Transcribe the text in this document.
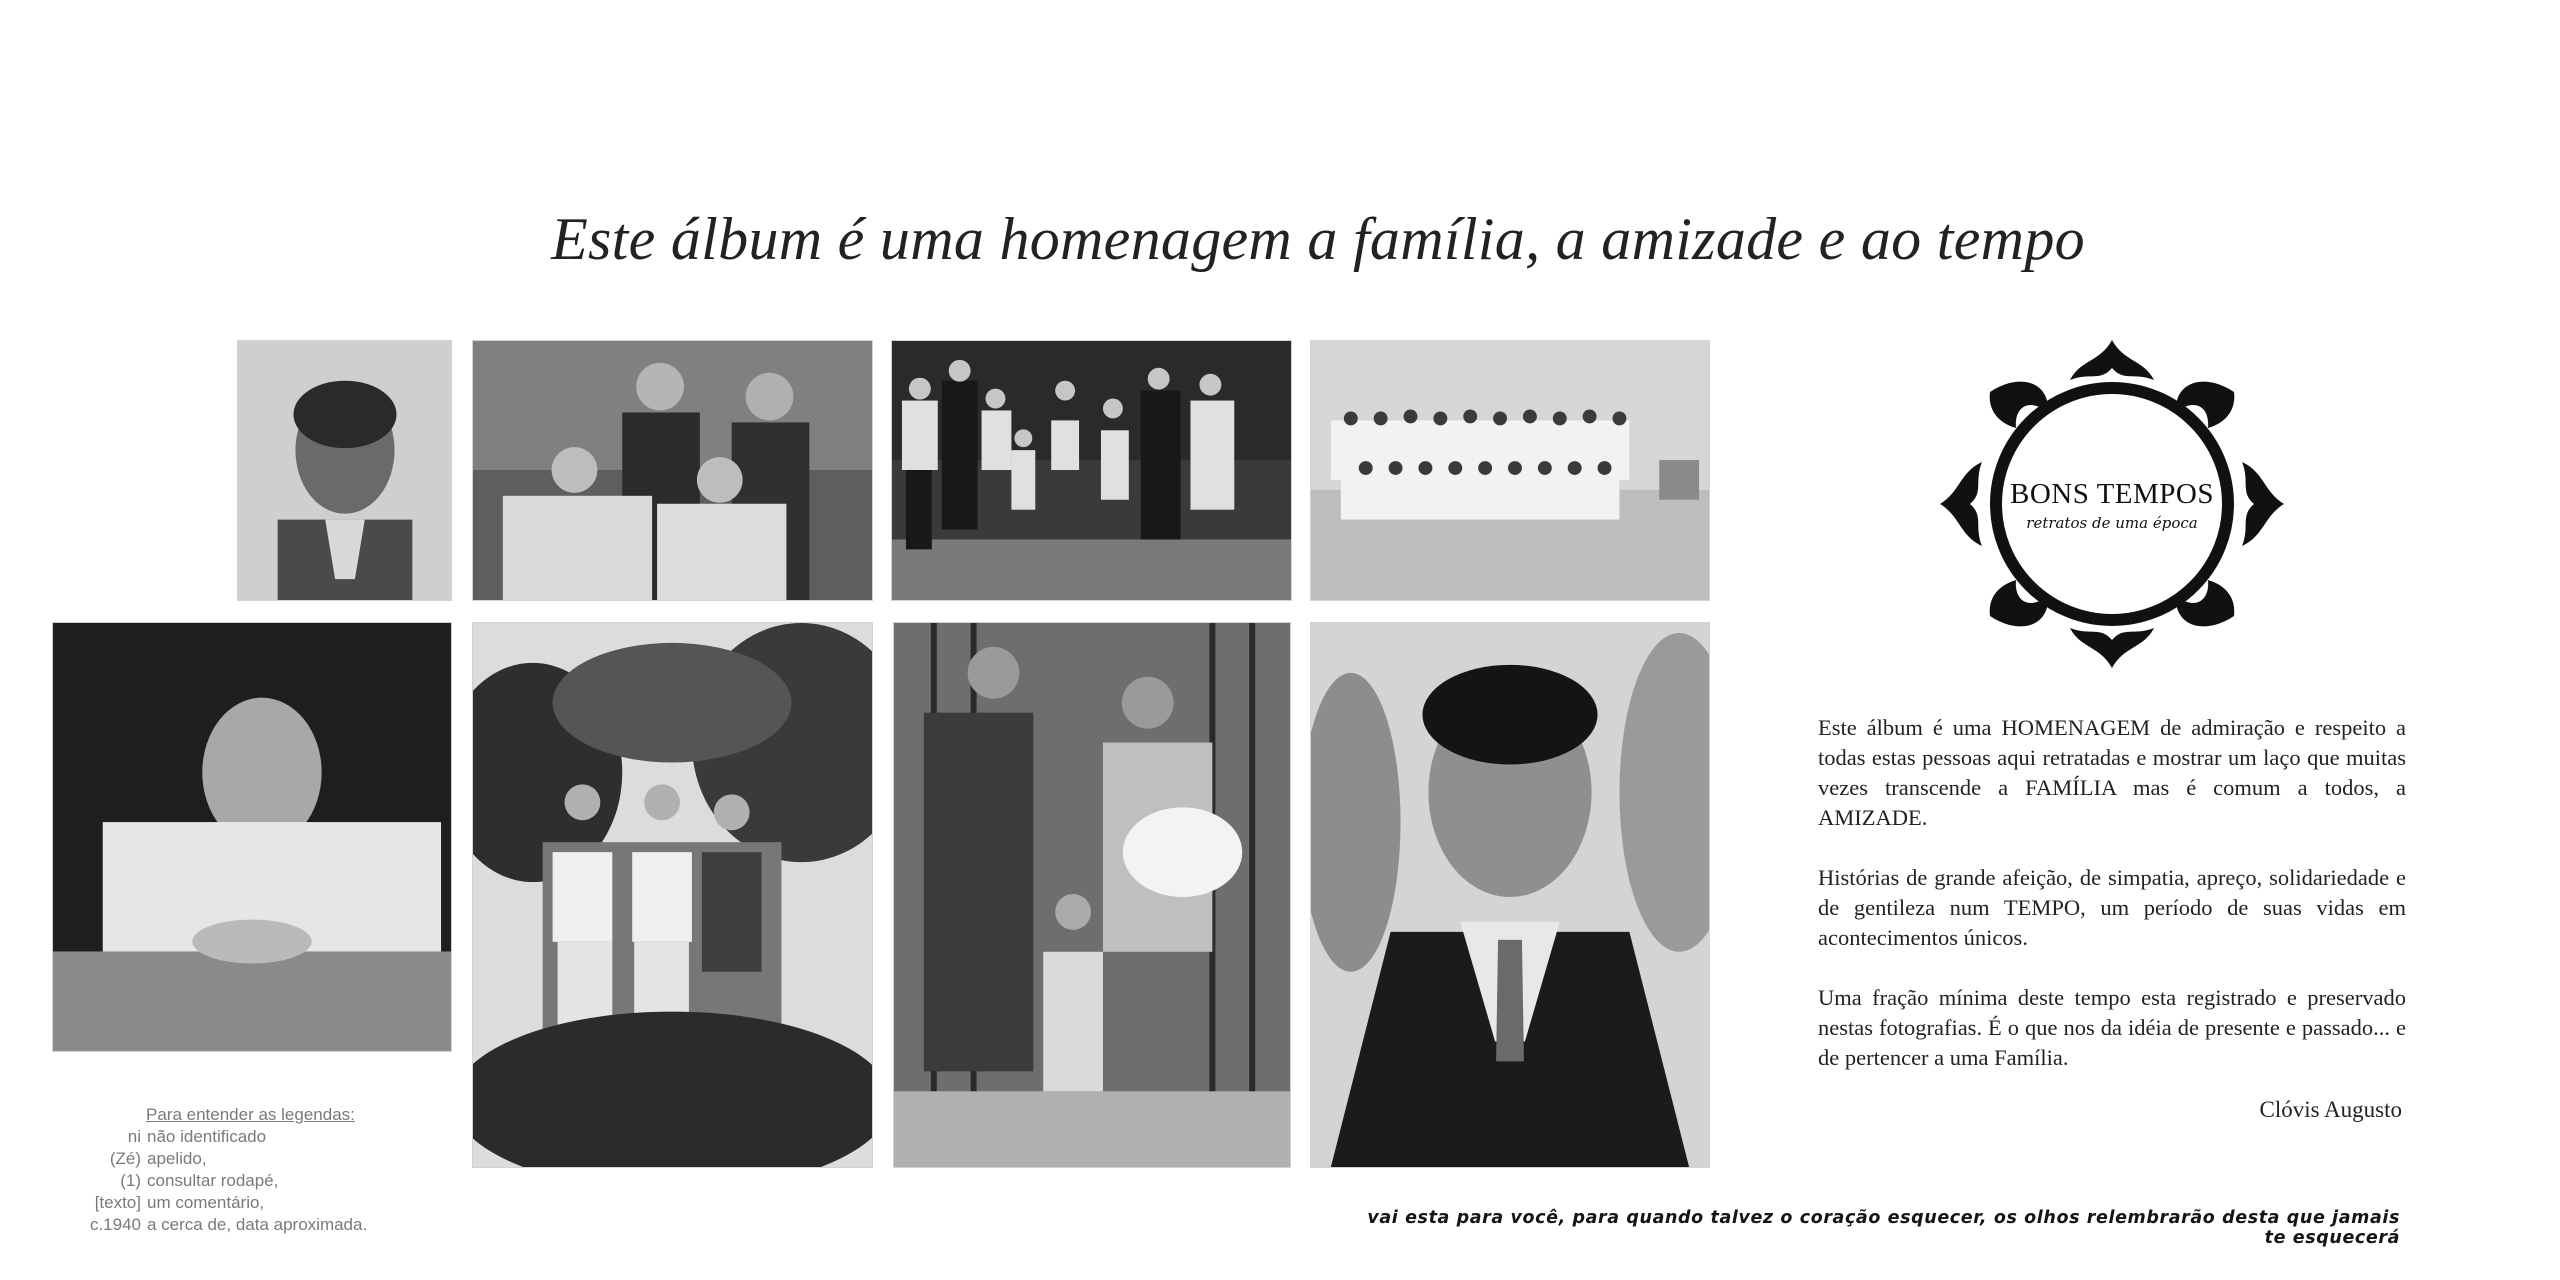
Este álbum é uma homenagem a família, a amizade e ao tempo
BONS TEMPOS
retratos de uma época

Este álbum é uma HOMENAGEM de admiração e respeito a todas estas pessoas aqui retratadas e mostrar um laço que muitas vezes transcende a FAMÍLIA mas é comum a todos, a AMIZADE.

Histórias de grande afeição, de simpatia, apreço, solidariedade e de gentileza num TEMPO, um período de suas vidas em acontecimentos únicos.

Uma fração mínima deste tempo esta registrado e preservado nestas fotografias. É o que nos da idéia de presente e passado... e de pertencer a uma Família.

Clóvis Augusto
vai esta para você, para quando talvez o coração esquecer, os olhos relembrarão desta que jamais te esquecerá
Para entender as legendas:
ni não identificado
(Zé) apelido,
(1) consultar rodapé,
[texto] um comentário,
c.1940 a cerca de, data aproximada.
